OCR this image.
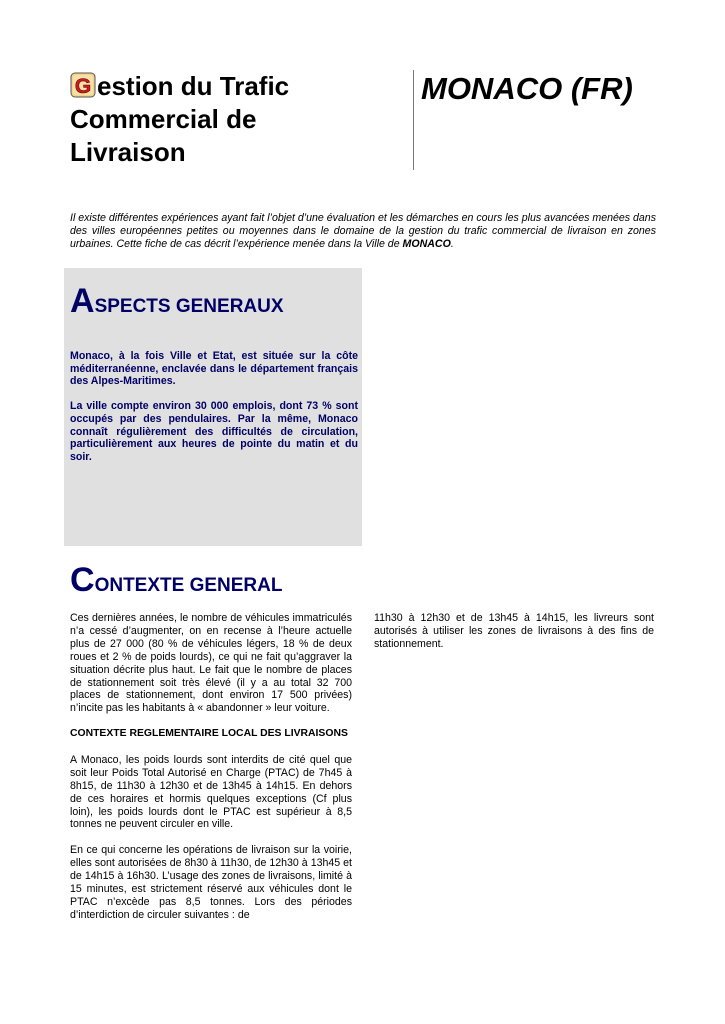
G estion du Trafic
Commercial de
Livraison
MONACO (FR)
Il existe différentes expériences ayant fait l’objet d’une évaluation et les démarches en cours les plus avancées menées dans des villes européennes petites ou moyennes dans le domaine de la gestion du trafic commercial de livraison en zones urbaines. Cette fiche de cas décrit l’expérience menée dans la Ville de MONACO.
ASPECTS GENERAUX

Monaco, à la fois Ville et Etat, est située sur la côte méditerranéenne, enclavée dans le département français des Alpes-Maritimes.

La ville compte environ 30 000 emplois, dont 73 % sont occupés par des pendulaires. Par la même, Monaco connaît régulièrement des difficultés de circulation, particulièrement aux heures de pointe du matin et du soir.

CONTEXTE GENERAL

Ces dernières années, le nombre de véhicules immatriculés n’a cessé d’augmenter, on en recense à l’heure actuelle plus de 27 000 (80 % de véhicules légers, 18 % de deux roues et 2 % de poids lourds), ce qui ne fait qu’aggraver la situation décrite plus haut. Le fait que le nombre de places de stationnement soit très élevé (il y a au total 32 700 places de stationnement, dont environ 17 500 privées) n’incite pas les habitants à « abandonner » leur voiture.

CONTEXTE REGLEMENTAIRE LOCAL DES LIVRAISONS

A Monaco, les poids lourds sont interdits de cité quel que soit leur Poids Total Autorisé en Charge (PTAC) de 7h45 à 8h15, de 11h30 à 12h30 et de 13h45 à 14h15. En dehors de ces horaires et hormis quelques exceptions (Cf plus loin), les poids lourds dont le PTAC est supérieur à 8,5 tonnes ne peuvent circuler en ville.

En ce qui concerne les opérations de livraison sur la voirie, elles sont autorisées de 8h30 à 11h30, de 12h30 à 13h45 et de 14h15 à 16h30. L’usage des zones de livraisons, limité à 15 minutes, est strictement réservé aux véhicules dont le PTAC n’excède pas 8,5 tonnes. Lors des périodes d’interdiction de circuler suivantes : de

11h30 à 12h30 et de 13h45 à 14h15, les livreurs sont autorisés à utiliser les zones de livraisons à des fins de stationnement.
